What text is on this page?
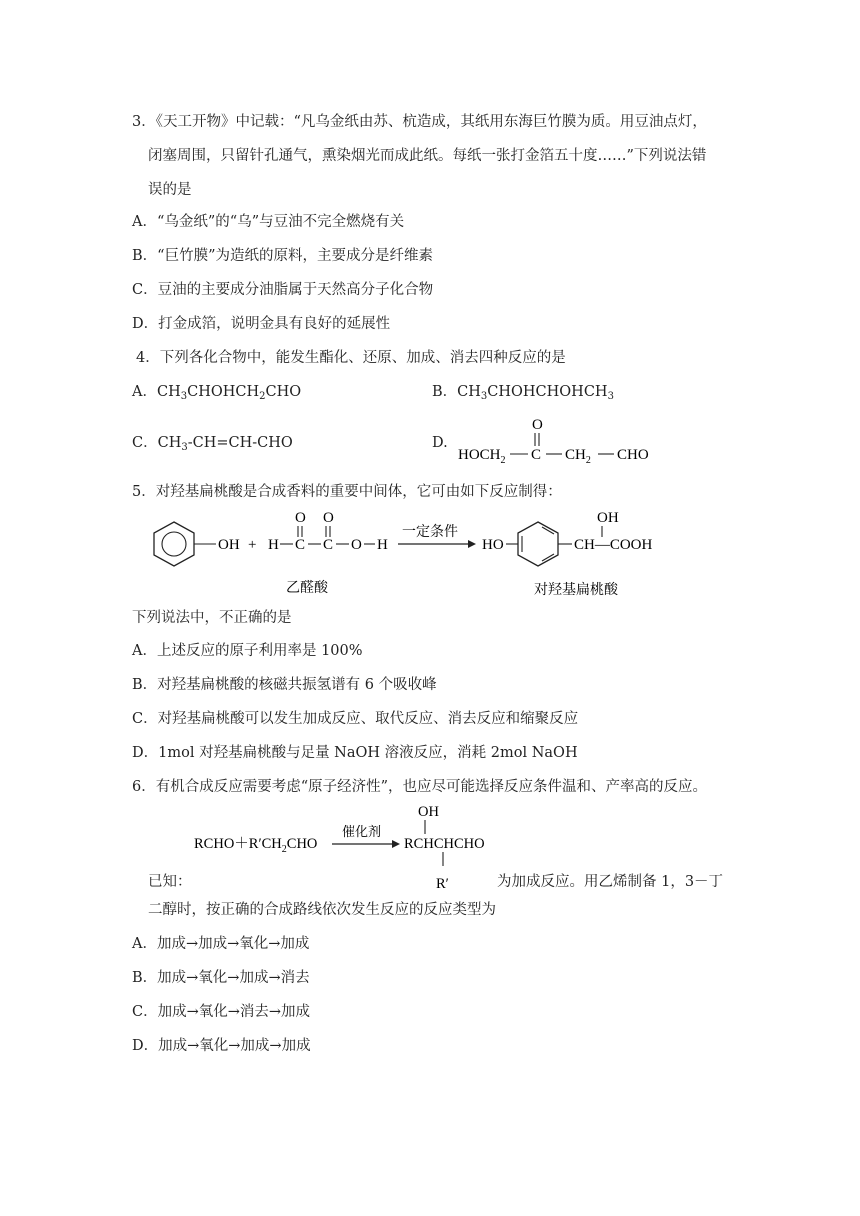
3．《天工开物》中记载：“凡乌金纸由苏、杭造成，其纸用东海巨竹膜为质。用豆油点灯，
闭塞周围，只留针孔通气，熏染烟光而成此纸。每纸一张打金箔五十度……”下列说法错
误的是
A．“乌金纸”的“乌”与豆油不完全燃烧有关
B．“巨竹膜”为造纸的原料，主要成分是纤维素
C．豆油的主要成分油脂属于天然高分子化合物
D．打金成箔，说明金具有良好的延展性
4．下列各化合物中，能发生酯化、还原、加成、消去四种反应的是
A．$CH_3CHOHCH_2CHO$	B．$CH_3CHOHCHOHCH_3$
C．$CH_3-CH=CH$-CHO	D.
O
$HOCH_2$ C $CH_2$ CHO
5．对羟基扁桃酸是合成香料的重要中间体，它可由如下反应制得：
OH + H C
O
C
O
O H
一定条件
HO	CH—COOH
OH
乙醛酸	对羟基扁桃酸
下列说法中，不正确的是
A．上述反应的原子利用率是 100%
B．对羟基扁桃酸的核磁共振氢谱有 6 个吸收峰
C．对羟基扁桃酸可以发生加成反应、取代反应、消去反应和缩聚反应
D．1mol 对羟基扁桃酸与足量 NaOH 溶液反应，消耗 2mol NaOH
6．有机合成反应需要考虑“原子经济性”，也应尽可能选择反应条件温和、产率高的反应。
$RCHO+R'CH_2CHO$
催化剂
RCHCHCHO
OH
R′
已知：	为加成反应。用乙烯制备 1，3－丁
二醇时，按正确的合成路线依次发生反应的反应类型为
A．加成→加成→氧化→加成
B．加成→氧化→加成→消去
C．加成→氧化→消去→加成
D．加成→氧化→加成→加成
